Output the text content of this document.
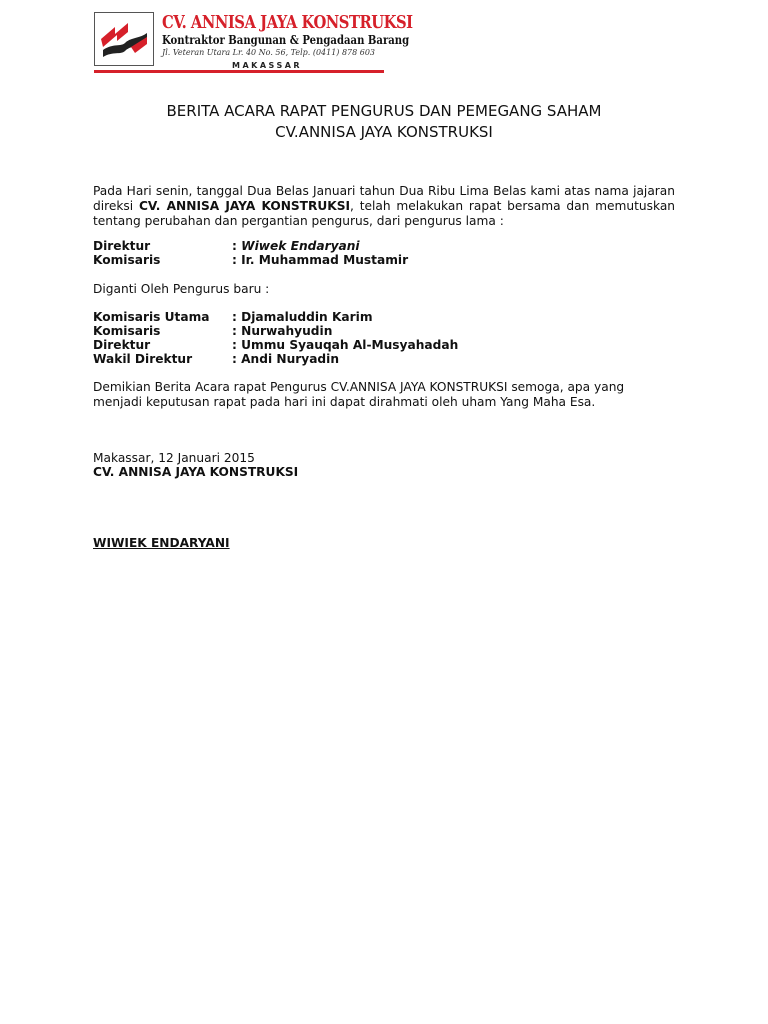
CV. ANNISA JAYA KONSTRUKSI
Kontraktor Bangunan & Pengadaan Barang
Jl. Veteran Utara Lr. 40 No. 56, Telp. (0411) 878 603
MAKASSAR
BERITA ACARA RAPAT PENGURUS DAN PEMEGANG SAHAM
CV.ANNISA JAYA KONSTRUKSI
Pada Hari senin, tanggal Dua Belas Januari tahun Dua Ribu Lima Belas kami atas nama jajaran direksi CV. ANNISA JAYA KONSTRUKSI, telah melakukan rapat bersama dan memutuskan tentang perubahan dan pergantian pengurus, dari pengurus lama :
Direktur	: Wiwek Endaryani
Komisaris	: Ir. Muhammad Mustamir
Diganti Oleh Pengurus baru :
Komisaris Utama : Djamaluddin Karim
Komisaris	: Nurwahyudin
Direktur	: Ummu Syauqah Al-Musyahadah
Wakil Direktur	: Andi Nuryadin
Demikian Berita Acara rapat Pengurus CV.ANNISA JAYA KONSTRUKSI semoga, apa yang menjadi keputusan rapat pada hari ini dapat dirahmati oleh uham Yang Maha Esa.
Makassar, 12 Januari 2015
CV. ANNISA JAYA KONSTRUKSI
WIWIEK ENDARYANI
